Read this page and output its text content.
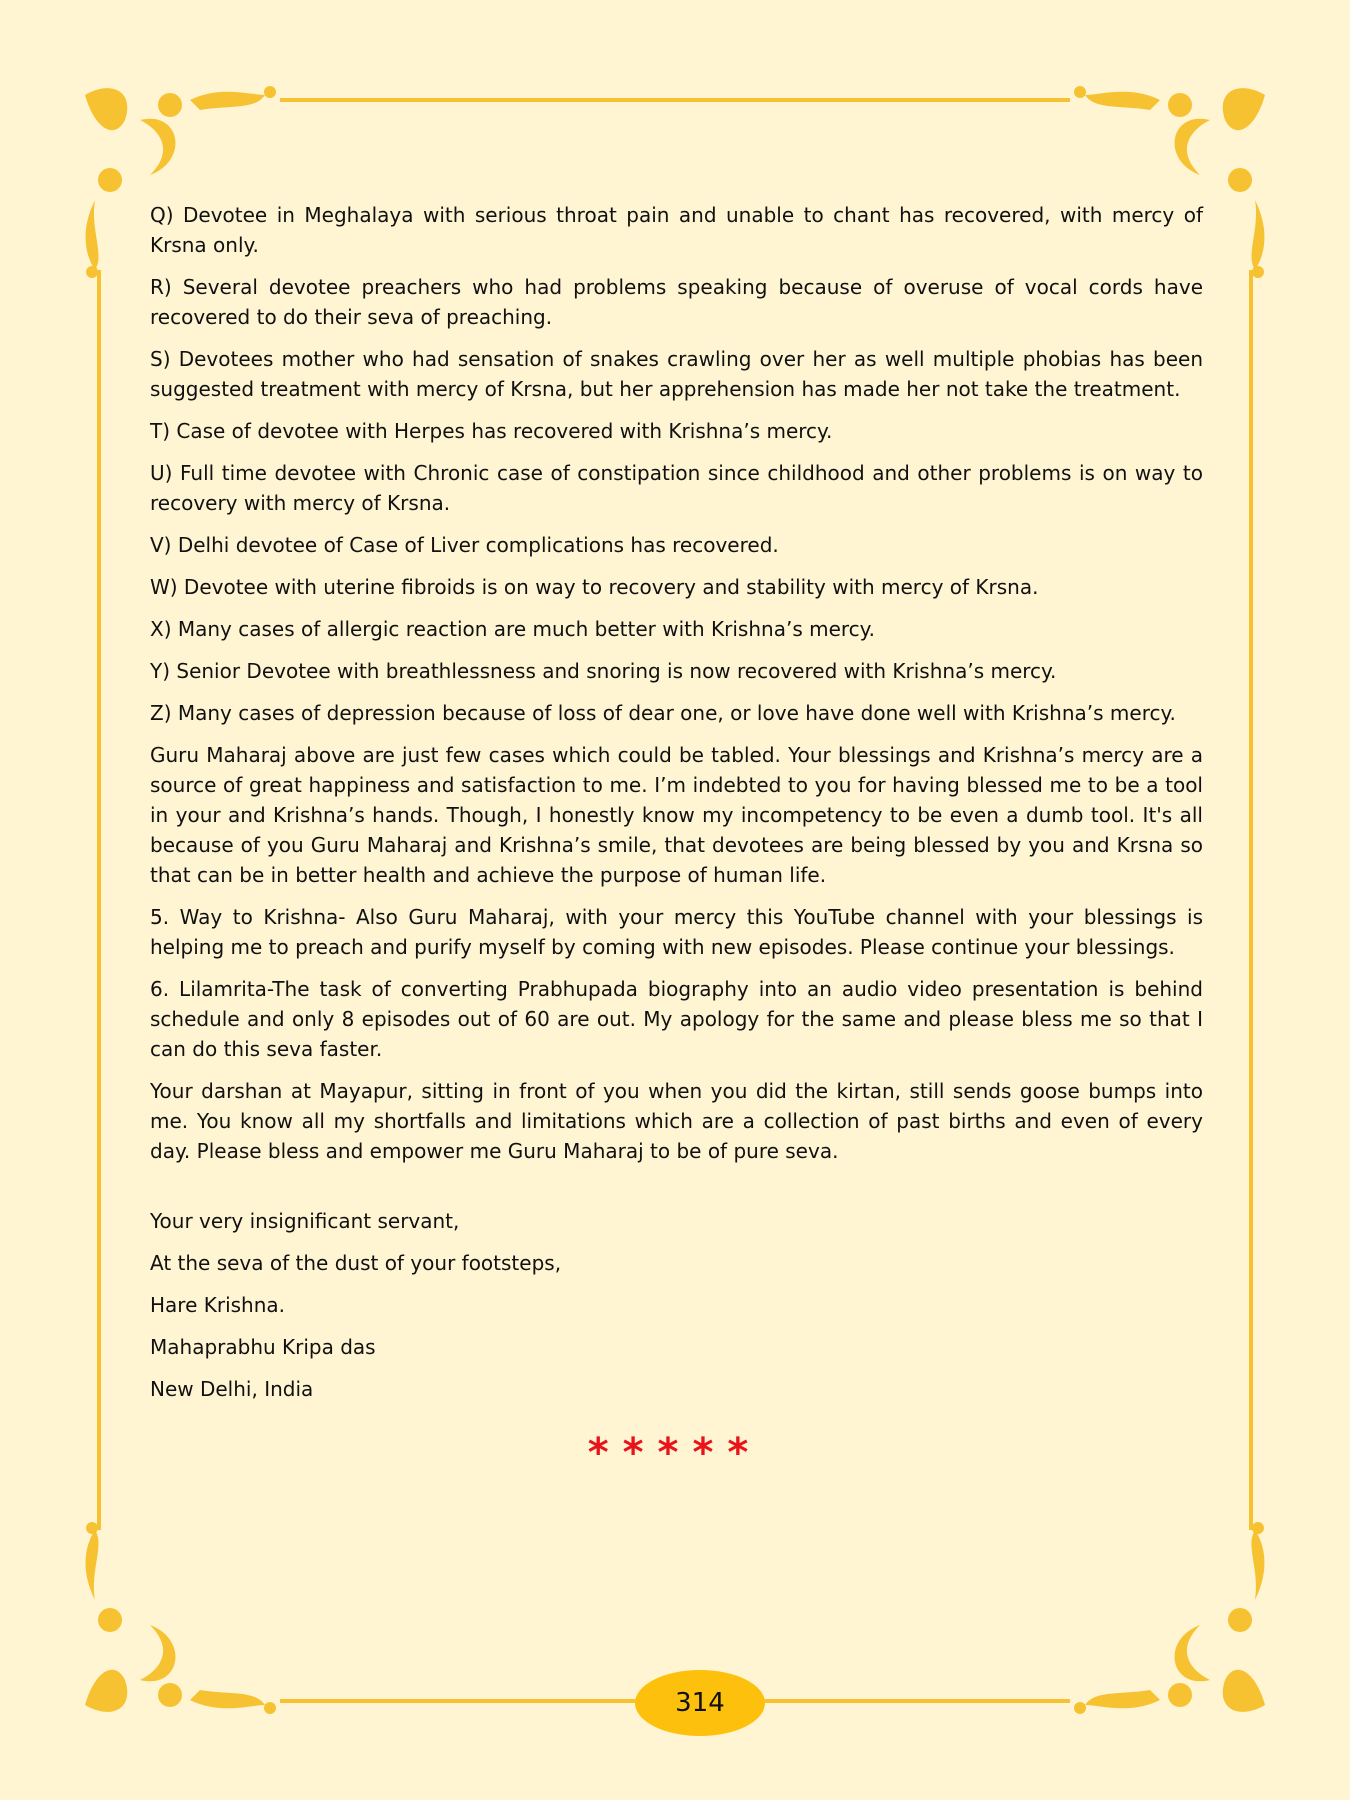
Q) Devotee in Meghalaya with serious throat pain and unable to chant has recovered, with mercy of Krsna only.

R) Several devotee preachers who had problems speaking because of overuse of vocal cords have recovered to do their seva of preaching.

S) Devotees mother who had sensation of snakes crawling over her as well multiple phobias has been suggested treatment with mercy of Krsna, but her apprehension has made her not take the treatment.

T) Case of devotee with Herpes has recovered with Krishna’s mercy.

U) Full time devotee with Chronic case of constipation since childhood and other problems is on way to recovery with mercy of Krsna.

V) Delhi devotee of Case of Liver complications has recovered.

W) Devotee with uterine fibroids is on way to recovery and stability with mercy of Krsna.

X) Many cases of allergic reaction are much better with Krishna’s mercy.

Y) Senior Devotee with breathlessness and snoring is now recovered with Krishna’s mercy.

Z) Many cases of depression because of loss of dear one, or love have done well with Krishna’s mercy.

Guru Maharaj above are just few cases which could be tabled. Your blessings and Krishna’s mercy are a source of great happiness and satisfaction to me. I’m indebted to you for having blessed me to be a tool in your and Krishna’s hands. Though, I honestly know my incompetency to be even a dumb tool. It's all because of you Guru Maharaj and Krishna’s smile, that devotees are being blessed by you and Krsna so that can be in better health and achieve the purpose of human life.

5. Way to Krishna- Also Guru Maharaj, with your mercy this YouTube channel with your blessings is helping me to preach and purify myself by coming with new episodes. Please continue your blessings.

6. Lilamrita-The task of converting Prabhupada biography into an audio video presentation is behind schedule and only 8 episodes out of 60 are out. My apology for the same and please bless me so that I can do this seva faster.

Your darshan at Mayapur, sitting in front of you when you did the kirtan, still sends goose bumps into me. You know all my shortfalls and limitations which are a collection of past births and even of every day. Please bless and empower me Guru Maharaj to be of pure seva.

Your very insignificant servant,
At the seva of the dust of your footsteps,
Hare Krishna.
Mahaprabhu Kripa das
New Delhi, India
*****
314
